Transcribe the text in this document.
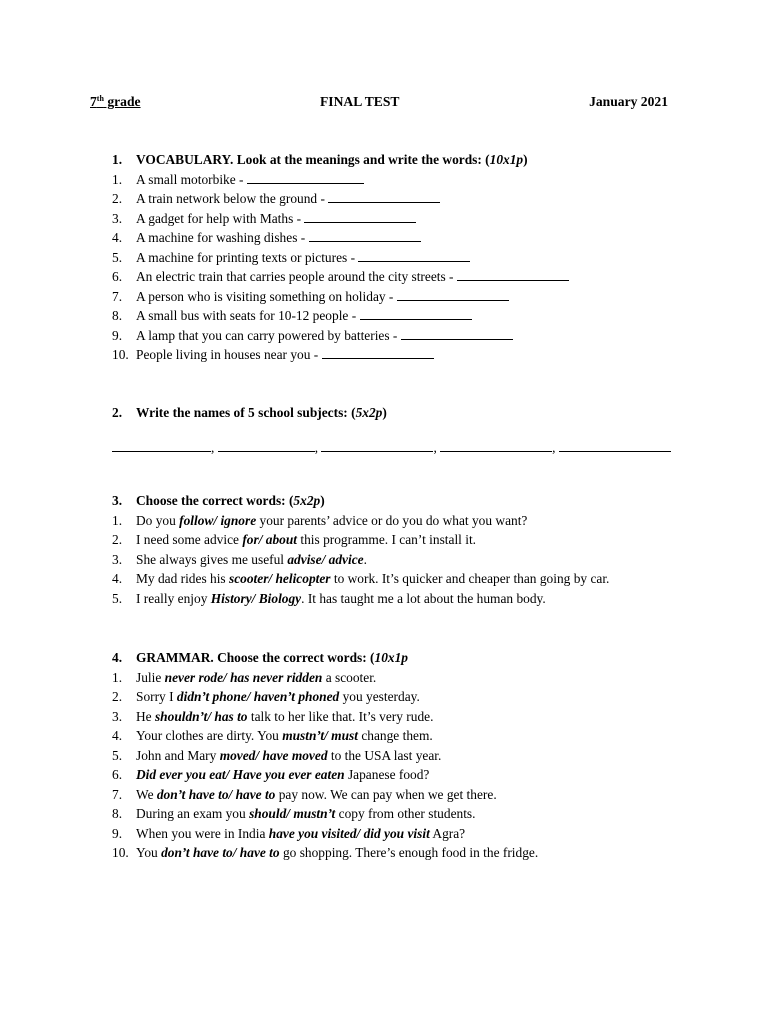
7th grade	FINAL TEST	January 2021
1. VOCABULARY. Look at the meanings and write the words: (10x1p)
1. A small motorbike -
2. A train network below the ground -
3. A gadget for help with Maths -
4. A machine for washing dishes -
5. A machine for printing texts or pictures -
6. An electric train that carries people around the city streets -
7. A person who is visiting something on holiday -
8. A small bus with seats for 10-12 people -
9. A lamp that you can carry powered by batteries -
10. People living in houses near you -
2. Write the names of 5 school subjects: (5x2p)
,	,	,	,
3. Choose the correct words: (5x2p)
1. Do you follow/ ignore your parents’ advice or do you do what you want?
2. I need some advice for/ about this programme. I can’t install it.
3. She always gives me useful advise/ advice.
4. My dad rides his scooter/ helicopter to work. It’s quicker and cheaper than going by car.
5. I really enjoy History/ Biology. It has taught me a lot about the human body.
4. GRAMMAR. Choose the correct words: (10x1p
1. Julie never rode/ has never ridden a scooter.
2. Sorry I didn’t phone/ haven’t phoned you yesterday.
3. He shouldn’t/ has to talk to her like that. It’s very rude.
4. Your clothes are dirty. You mustn’t/ must change them.
5. John and Mary moved/ have moved to the USA last year.
6. Did ever you eat/ Have you ever eaten Japanese food?
7. We don’t have to/ have to pay now. We can pay when we get there.
8. During an exam you should/ mustn’t copy from other students.
9. When you were in India have you visited/ did you visit Agra?
10. You don’t have to/ have to go shopping. There’s enough food in the fridge.
